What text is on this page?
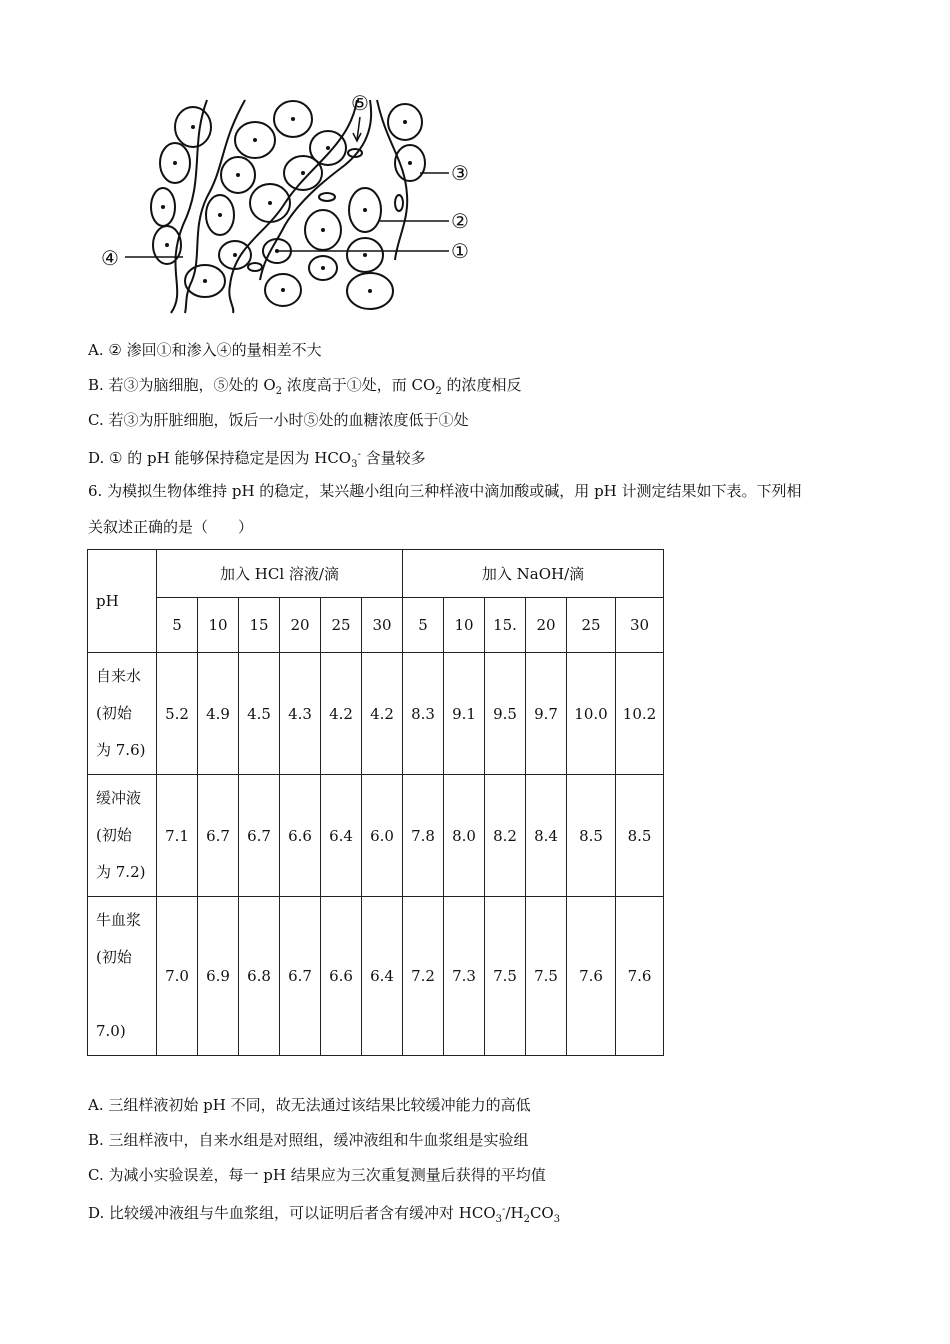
⑤
③
②
①
④
A. ② 渗回①和渗入④的量相差不大
B. 若③为脑细胞，⑤处的 $O_2$ 浓度高于①处，而 $CO_2$ 的浓度相反
C. 若③为肝脏细胞，饭后一小时⑤处的血糖浓度低于①处
D. ① 的 pH 能够保持稳定是因为 $HCO_3^-$ 含量较多
6. 为模拟生物体维持 pH 的稳定，某兴趣小组向三种样液中滴加酸或碱，用 pH 计测定结果如下表。下列相
关叙述正确的是（　　）
pH	加入 HCl 溶液/滴						加入 NaOH/滴					
	5	10	15	20	25	30	5	10	15.	20	25	30
自来水
(初始
为 7.6)	5.2	4.9	4.5	4.3	4.2	4.2	8.3	9.1	9.5	9.7	10.0	10.2
缓冲液
(初始
为 7.2)	7.1	6.7	6.7	6.6	6.4	6.0	7.8	8.0	8.2	8.4	8.5	8.5
牛血浆
(初始

7.0)	7.0	6.9	6.8	6.7	6.6	6.4	7.2	7.3	7.5	7.5	7.6	7.6
A. 三组样液初始 pH 不同，故无法通过该结果比较缓冲能力的高低
B. 三组样液中，自来水组是对照组，缓冲液组和牛血浆组是实验组
C. 为减小实验误差，每一 pH 结果应为三次重复测量后获得的平均值
D. 比较缓冲液组与牛血浆组，可以证明后者含有缓冲对 $HCO_3^-/H_2CO_3$
